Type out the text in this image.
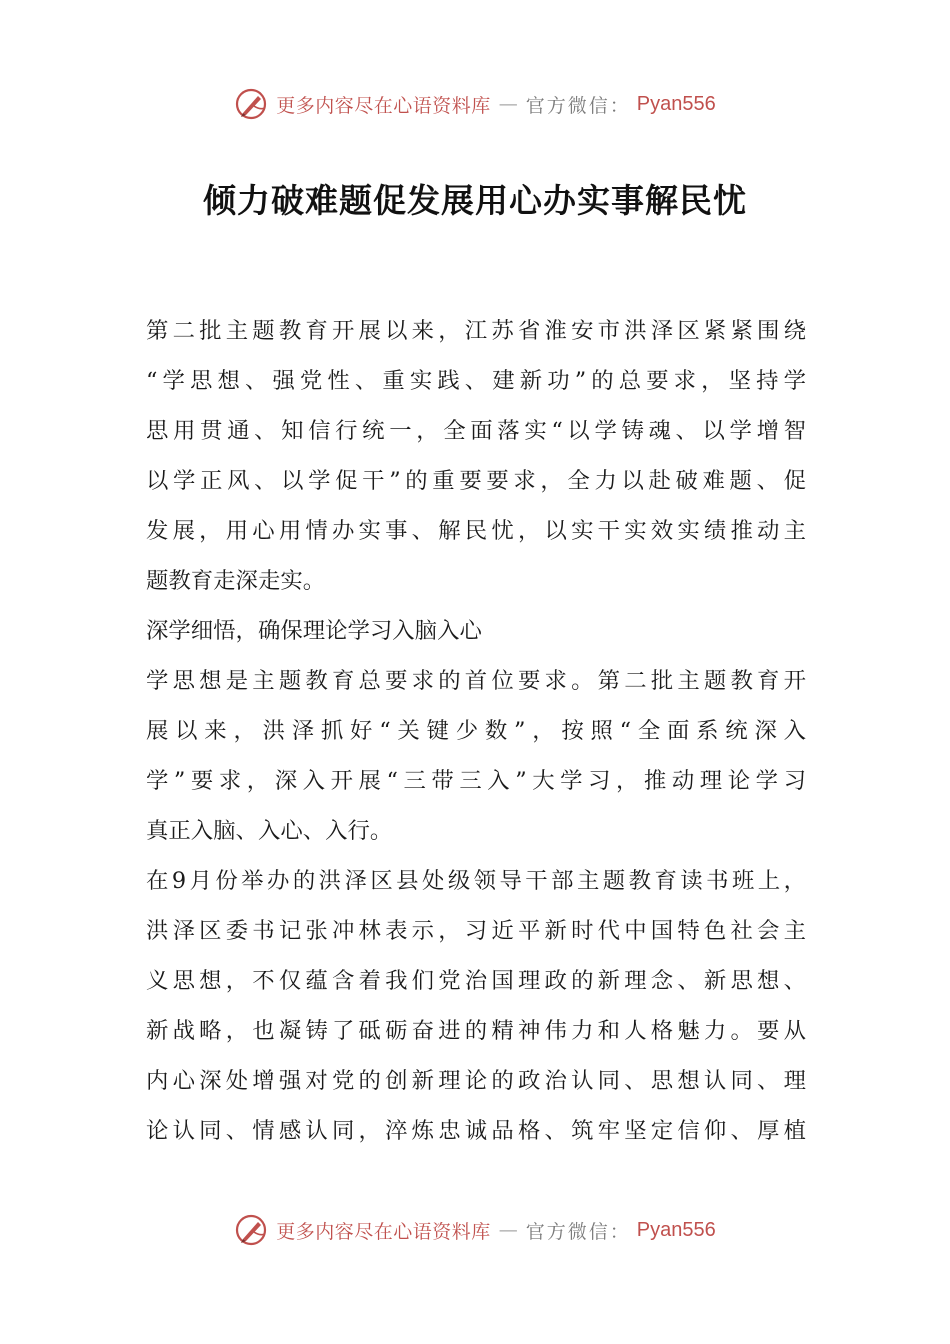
更多内容尽在心语资料库 — 官方微信： Pyan556
倾力破难题促发展用心办实事解民忧
第二批主题教育开展以来，江苏省淮安市洪泽区紧紧围绕
“学思想、强党性、重实践、建新功”的总要求，坚持学
思用贯通、知信行统一，全面落实“以学铸魂、以学增智
以学正风、以学促干”的重要要求，全力以赴破难题、促
发展，用心用情办实事、解民忧，以实干实效实绩推动主
题教育走深走实。
深学细悟，确保理论学习入脑入心
学思想是主题教育总要求的首位要求。第二批主题教育开
展以来，洪泽抓好“关键少数”，按照“全面系统深入
学”要求，深入开展“三带三入”大学习，推动理论学习
真正入脑、入心、入行。
在9月份举办的洪泽区县处级领导干部主题教育读书班上，
洪泽区委书记张冲林表示，习近平新时代中国特色社会主
义思想，不仅蕴含着我们党治国理政的新理念、新思想、
新战略，也凝铸了砥砺奋进的精神伟力和人格魅力。要从
内心深处增强对党的创新理论的政治认同、思想认同、理
论认同、情感认同，淬炼忠诚品格、筑牢坚定信仰、厚植
更多内容尽在心语资料库 — 官方微信： Pyan556
